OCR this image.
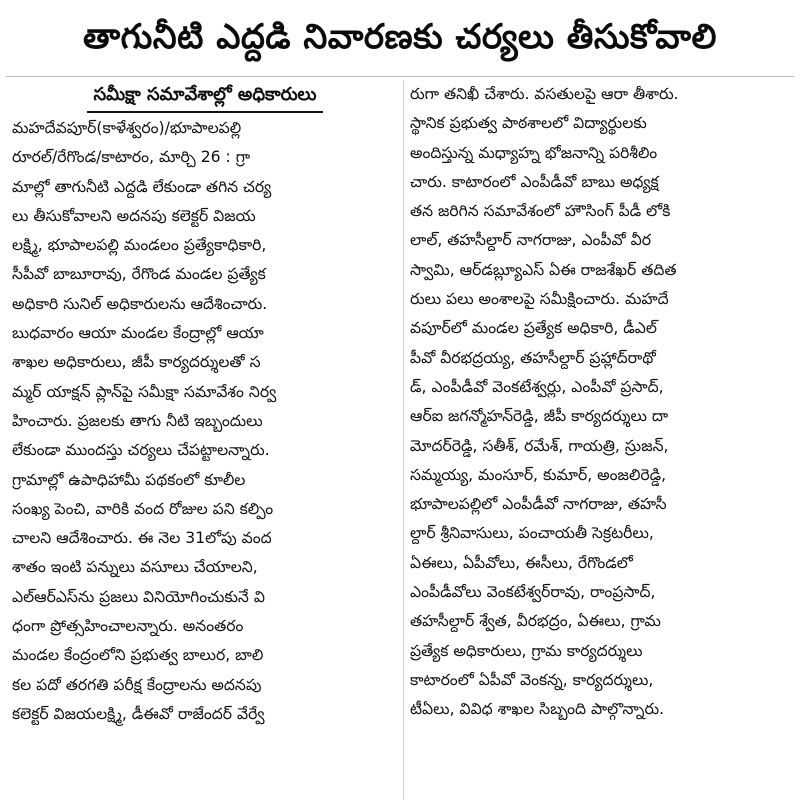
తాగునీటి ఎద్దడి నివారణకు చర్యలు తీసుకోవాలి
సమీక్షా సమావేశాల్లో అధికారులు
మహదేవపూర్(కాళేశ్వరం)/భూపాలపల్లి
రూరల్/రేగొండ/కాటారం, మార్చి 26 : గ్రా
మాల్లో తాగునీటి ఎద్దడి లేకుండా తగిన చర్య
లు తీసుకోవాలని అదనపు కలెక్టర్ విజయ
లక్ష్మి, భూపాలపల్లి మండలం ప్రత్యేకాధికారి,
సీపీవో బాబూరావు, రేగొండ మండల ప్రత్యేక
అధికారి సునిల్ అధికారులను ఆదేశించారు.
బుధవారం ఆయా మండల కేంద్రాల్లో ఆయా
శాఖల అధికారులు, జీపీ కార్యదర్శులతో స
మ్మర్ యాక్షన్ ప్లాన్‌పై సమీక్షా సమావేశం నిర్వ
హించారు. ప్రజలకు తాగు నీటి ఇబ్బందులు
లేకుండా ముందస్తు చర్యలు చేపట్టాలన్నారు.
గ్రామాల్లో ఉపాధిహామీ పథకంలో కూలీల
సంఖ్య పెంచి, వారికి వంద రోజుల పని కల్పిం
చాలని ఆదేశించారు. ఈ నెల 31లోపు వంద
శాతం ఇంటి పన్నులు వసూలు చేయాలని,
ఎల్ఆర్ఎస్‌ను ప్రజలు వినియోగించుకునే వి
ధంగా ప్రోత్సహించాలన్నారు. అనంతరం
మండల కేంద్రంలోని ప్రభుత్వ బాలుర, బాలి
కల పదో తరగతి పరీక్ష కేంద్రాలను అదనపు
కలెక్టర్ విజయలక్ష్మి, డీఈవో రాజేందర్ వేర్వే
రుగా తనిఖీ చేశారు. వసతులపై ఆరా తీశారు.
స్థానిక ప్రభుత్వ పాఠశాలలో విద్యార్థులకు
అందిస్తున్న మధ్యాహ్న భోజనాన్ని పరిశీలిం
చారు. కాటారంలో ఎంపీడీవో బాబు అధ్యక్ష
తన జరిగిన సమావేశంలో హౌసింగ్ పీడీ లోకి
లాల్, తహసీల్దార్ నాగరాజు, ఎంపీవో వీర
స్వామి, ఆర్‌డబ్ల్యూఎస్ ఏఈ రాజశేఖర్ తదిత
రులు పలు అంశాలపై సమీక్షించారు. మహదే
వపూర్‌లో మండల ప్రత్యేక అధికారి, డీఎల్
పీవో వీరభద్రయ్య, తహసీల్దార్ ప్రహ్లాద్‌రాథో
డ్, ఎంపీడీవో వెంకటేశ్వర్లు, ఎంపీవో ప్రసాద్,
ఆర్‌ఐ జగన్మోహన్‌రెడ్డి, జీపీ కార్యదర్శులు దా
మోదర్‌రెడ్డి, సతీశ్, రమేశ్, గాయత్రి, స్రుజన్,
సమ్మయ్య, మంసూర్, కుమార్, అంజలిరెడ్డి,
భూపాలపల్లిలో ఎంపీడీవో నాగరాజు, తహసీ
ల్దార్ శ్రీనివాసులు, పంచాయతీ సెక్రటరీలు,
ఏఈలు, ఏపీవోలు, ఈసీలు, రేగొండలో
ఎంపీడీవోలు వెంకటేశ్వర్‌రావు, రాంప్రసాద్,
తహసీల్దార్ శ్వేత, వీరభద్రం, ఏఈలు, గ్రామ
ప్రత్యేక అధికారులు, గ్రామ కార్యదర్శులు
కాటారంలో ఏపీవో వెంకన్న, కార్యదర్శులు,
టీఏలు, వివిధ శాఖల సిబ్బంది పాల్గొన్నారు.
